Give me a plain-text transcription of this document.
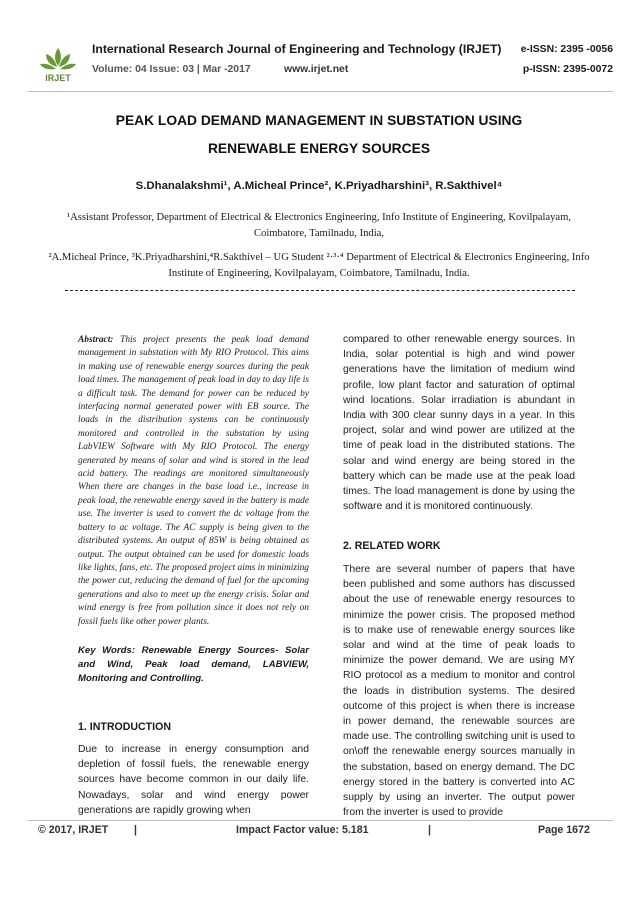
IRJET
International Research Journal of Engineering and Technology (IRJET) e-ISSN: 2395 -0056
Volume: 04 Issue: 03 | Mar -2017	www.irjet.net	p-ISSN: 2395-0072
PEAK LOAD DEMAND MANAGEMENT IN SUBSTATION USING
RENEWABLE ENERGY SOURCES
S.Dhanalakshmi¹, A.Micheal Prince², K.Priyadharshini³, R.Sakthivel⁴
¹Assistant Professor, Department of Electrical & Electronics Engineering, Info Institute of Engineering, Kovilpalayam, Coimbatore, Tamilnadu, India,
²A.Micheal Prince, ³K.Priyadharshini,⁴R.Sakthivel – UG Student ²·³·⁴ Department of Electrical & Electronics Engineering, Info Institute of Engineering, Kovilpalayam, Coimbatore, Tamilnadu, India.
Abstract: This project presents the peak load demand management in substation with My RIO Protocol. This aims in making use of renewable energy sources during the peak load times. The management of peak load in day to day life is a difficult task. The demand for power can be reduced by interfacing normal generated power with EB source. The loads in the distribution systems can be continuously monitored and controlled in the substation by using LabVIEW Software with My RIO Protocol. The energy generated by means of solar and wind is stored in the lead acid battery. The readings are monitored simultaneously When there are changes in the base load i.e., increase in peak load, the renewable energy saved in the battery is made use. The inverter is used to convert the dc voltage from the battery to ac voltage. The AC supply is being given to the distributed systems. An output of 85W is being obtained as output. The output obtained can be used for domestic loads like lights, fans, etc. The proposed project aims in minimizing the power cut, reducing the demand of fuel for the upcoming generations and also to meet up the energy crisis. Solar and wind energy is free from pollution since it does not rely on fossil fuels like other power plants.
Key Words: Renewable Energy Sources- Solar and Wind, Peak load demand, LABVIEW, Monitoring and Controlling.
1. INTRODUCTION
Due to increase in energy consumption and depletion of fossil fuels, the renewable energy sources have become common in our daily life. Nowadays, solar and wind energy power generations are rapidly growing when
compared to other renewable energy sources. In India, solar potential is high and wind power generations have the limitation of medium wind profile, low plant factor and saturation of optimal wind locations. Solar irradiation is abundant in India with 300 clear sunny days in a year. In this project, solar and wind power are utilized at the time of peak load in the distributed stations. The solar and wind energy are being stored in the battery which can be made use at the peak load times. The load management is done by using the software and it is monitored continuously.
2. RELATED WORK
There are several number of papers that have been published and some authors has discussed about the use of renewable energy resources to minimize the power crisis. The proposed method is to make use of renewable energy sources like solar and wind at the time of peak loads to minimize the power demand. We are using MY RIO protocol as a medium to monitor and control the loads in distribution systems. The desired outcome of this project is when there is increase in power demand, the renewable sources are made use. The controlling switching unit is used to on\off the renewable energy sources manually in the substation, based on energy demand. The DC energy stored in the battery is converted into AC supply by using an inverter. The output power from the inverter is used to provide
© 2017, IRJET |	Impact Factor value: 5.181	|	Page 1672
